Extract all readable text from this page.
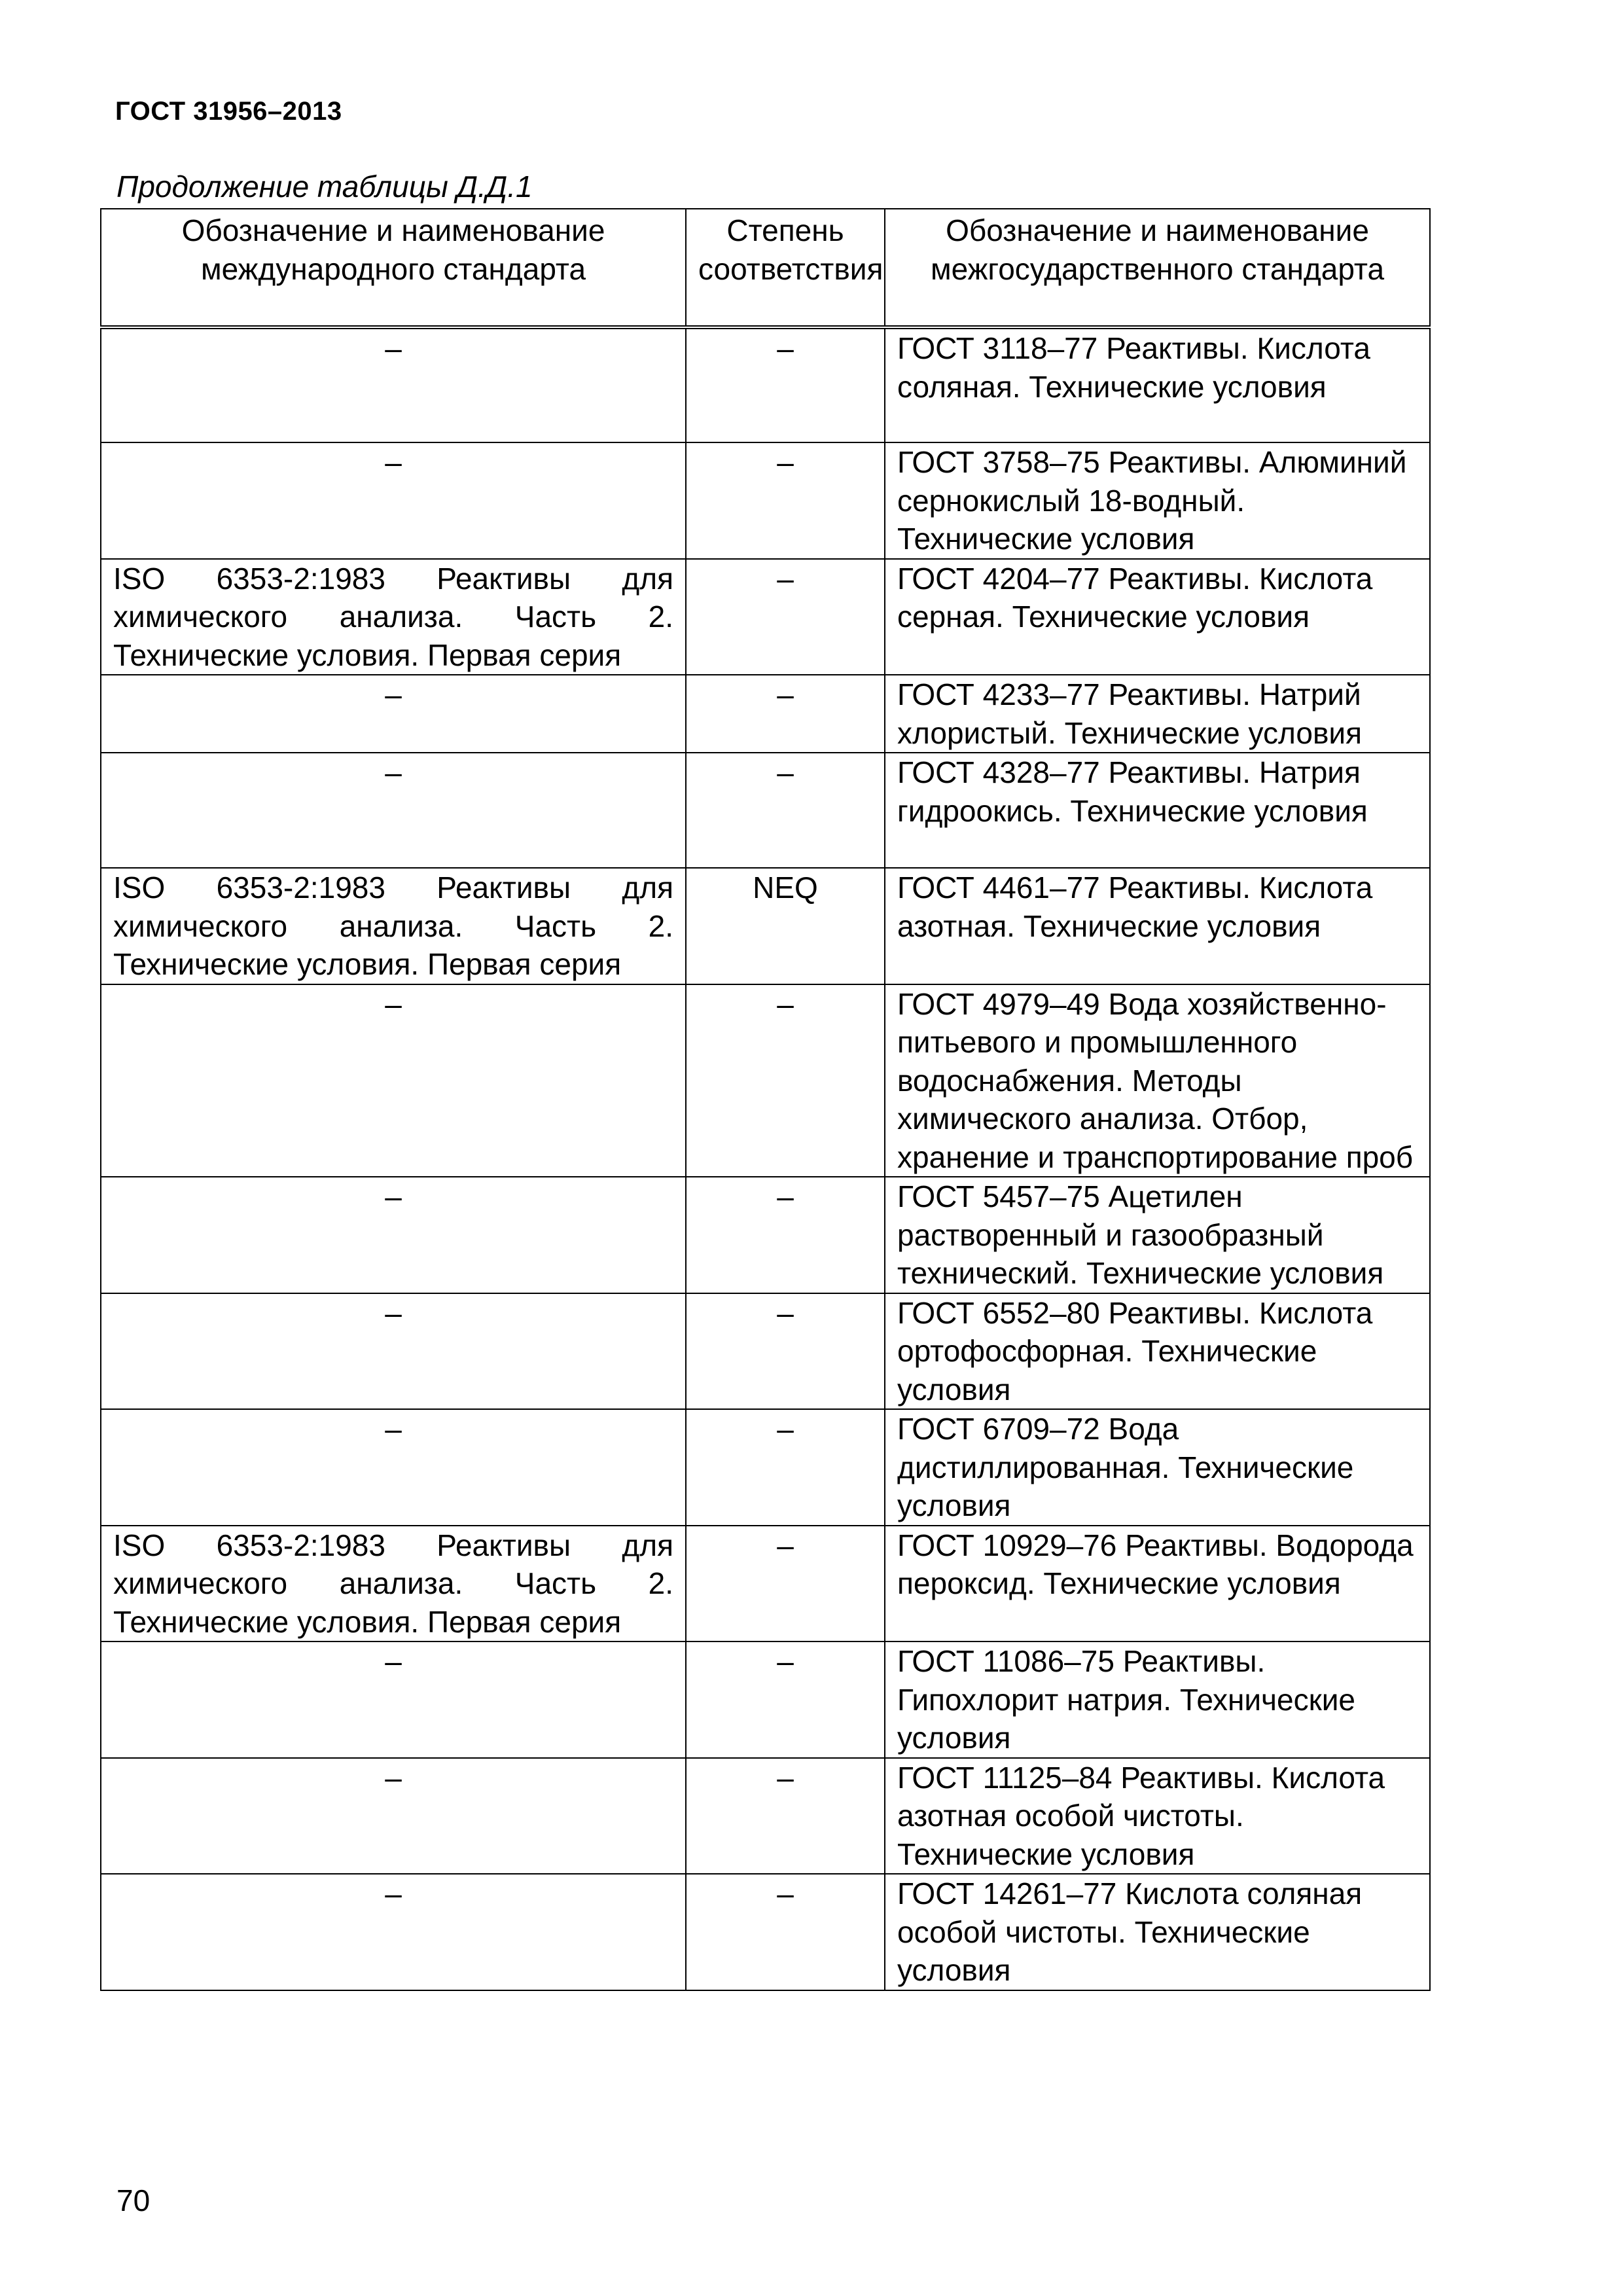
ГОСТ 31956–2013
Продолжение таблицы Д.Д.1
Обозначение и наименование международного стандарта	Степень соответствия	Обозначение и наименование межгосударственного стандарта
–	–	ГОСТ 3118–77 Реактивы. Кислота соляная. Технические условия
–	–	ГОСТ 3758–75 Реактивы. Алюминий сернокислый 18-водный. Технические условия
ISO 6353-2:1983 Реактивы для химического анализа. Часть 2. Технические условия. Первая серия	–	ГОСТ 4204–77 Реактивы. Кислота серная. Технические условия
–	–	ГОСТ 4233–77 Реактивы. Натрий хлористый. Технические условия
–	–	ГОСТ 4328–77 Реактивы. Натрия гидроокись. Технические условия
ISO 6353-2:1983 Реактивы для химического анализа. Часть 2. Технические условия. Первая серия	NEQ	ГОСТ 4461–77 Реактивы. Кислота азотная. Технические условия
–	–	ГОСТ 4979–49 Вода хозяйственно-питьевого и промышленного водоснабжения. Методы химического анализа. Отбор, хранение и транспортирование проб
–	–	ГОСТ 5457–75 Ацетилен растворенный и газообразный технический. Технические условия
–	–	ГОСТ 6552–80 Реактивы. Кислота ортофосфорная. Технические условия
–	–	ГОСТ 6709–72 Вода дистиллированная. Технические условия
ISO 6353-2:1983 Реактивы для химического анализа. Часть 2. Технические условия. Первая серия	–	ГОСТ 10929–76 Реактивы. Водорода пероксид. Технические условия
–	–	ГОСТ 11086–75 Реактивы. Гипохлорит натрия. Технические условия
–	–	ГОСТ 11125–84 Реактивы. Кислота азотная особой чистоты. Технические условия
–	–	ГОСТ 14261–77 Кислота соляная особой чистоты. Технические условия
70
